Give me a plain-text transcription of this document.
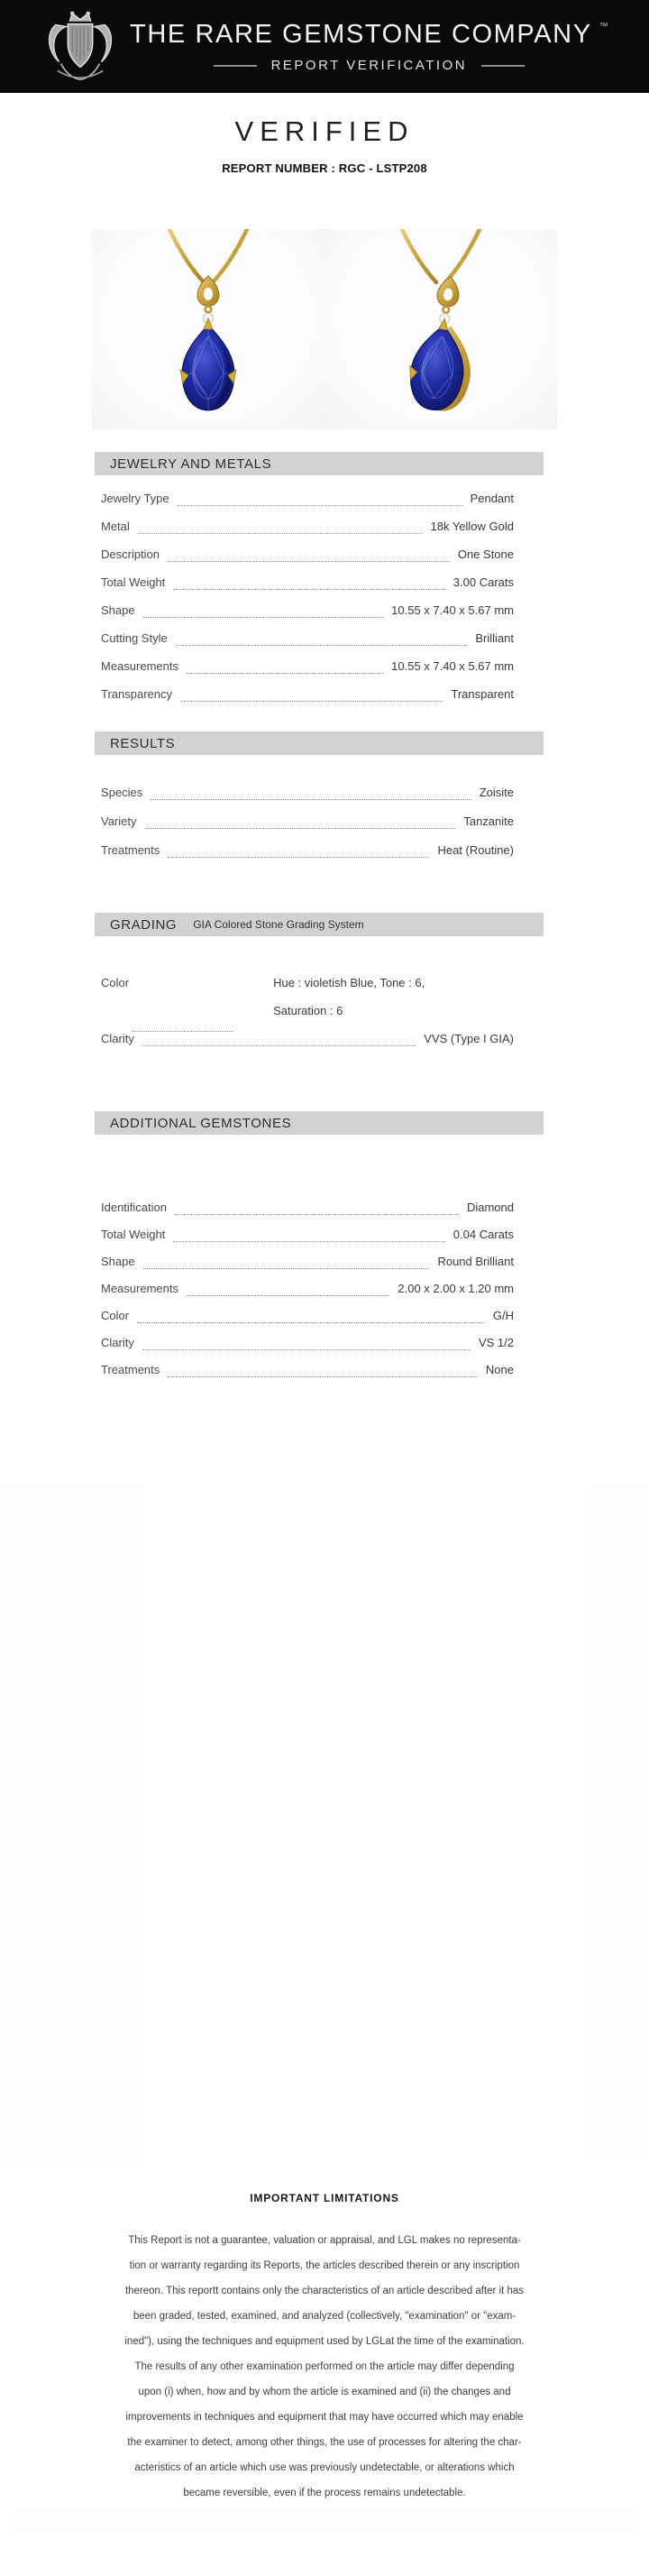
THE RARE GEMSTONE COMPANY ™
REPORT VERIFICATION
VERIFIED
REPORT NUMBER : RGC - LSTP208
JEWELRY AND METALS
Jewelry Type	Pendant
Metal	18k Yellow Gold
Description	One Stone
Total Weight	3.00 Carats
Shape	10.55 x 7.40 x 5.67 mm
Cutting Style	Brilliant
Measurements	10.55 x 7.40 x 5.67 mm
Transparency	Transparent
RESULTS
Species	Zoisite
Variety	Tanzanite
Treatments	Heat (Routine)
GRADING GIA Colored Stone Grading System
Color	Hue : violetish Blue, Tone : 6,
Saturation : 6
Clarity	VVS (Type I GIA)
ADDITIONAL GEMSTONES
Identification	Diamond
Total Weight	0.04 Carats
Shape	Round Brilliant
Measurements	2.00 x 2.00 x 1.20 mm
Color	G/H
Clarity	VS 1/2
Treatments	None
IMPORTANT LIMITATIONS
This Report is not a guarantee, valuation or appraisal, and LGL makes no representa-
tion or warranty regarding its Reports, the articles described therein or any inscription
thereon. This reportt contains only the characteristics of an article described after it has
been graded, tested, examined, and analyzed (collectively, "examination" or "exam-
ined"), using the techniques and equipment used by LGLat the time of the examination.
The results of any other examination performed on the article may differ depending
upon (i) when, how and by whom the article is examined and (ii) the changes and
improvements in techniques and equipment that may have occurred which may enable
the examiner to detect, among other things, the use of processes for altering the char-
acteristics of an article which use was previously undetectable, or alterations which
became reversible, even if the process remains undetectable.
